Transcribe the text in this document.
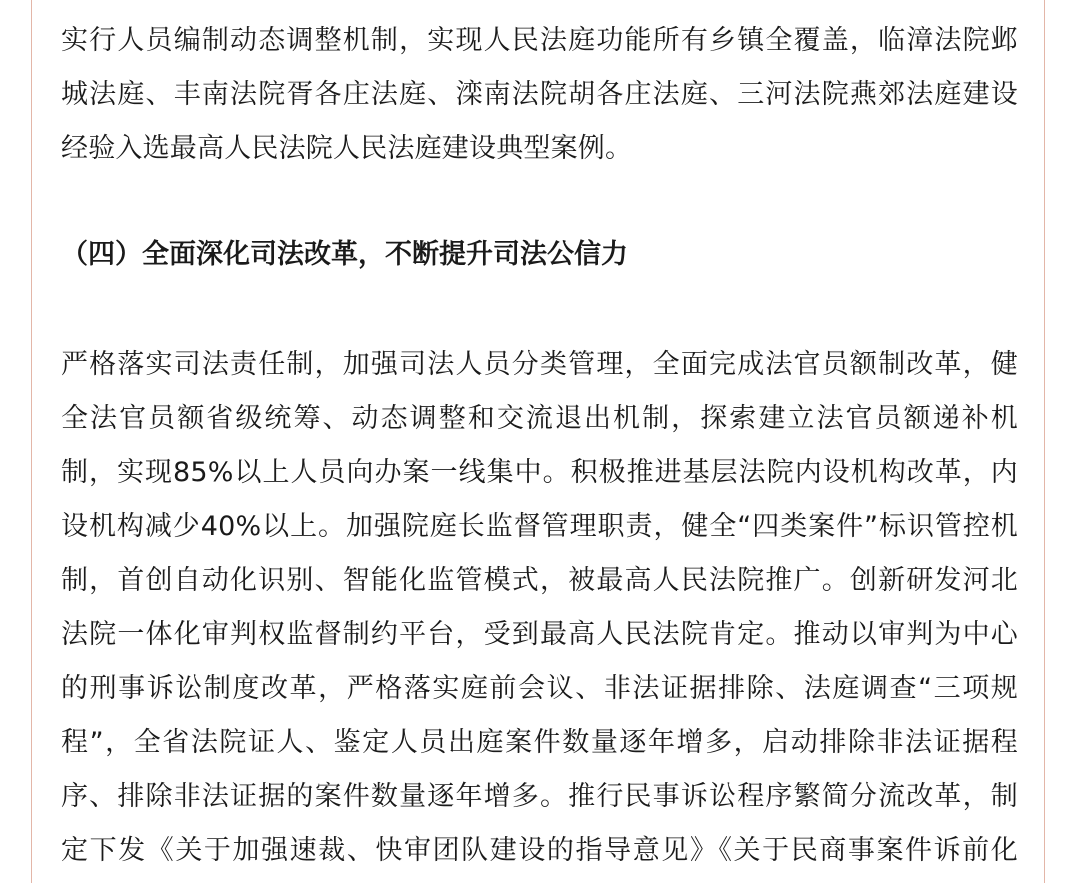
实行人员编制动态调整机制，实现人民法庭功能所有乡镇全覆盖，临漳法院邺
城法庭、丰南法院胥各庄法庭、滦南法院胡各庄法庭、三河法院燕郊法庭建设
经验入选最高人民法院人民法庭建设典型案例。
（四）全面深化司法改革，不断提升司法公信力
严格落实司法责任制，加强司法人员分类管理，全面完成法官员额制改革，健
全法官员额省级统筹、动态调整和交流退出机制，探索建立法官员额递补机
制，实现85%以上人员向办案一线集中。积极推进基层法院内设机构改革，内
设机构减少40%以上。加强院庭长监督管理职责，健全“四类案件”标识管控机
制，首创自动化识别、智能化监管模式，被最高人民法院推广。创新研发河北
法院一体化审判权监督制约平台，受到最高人民法院肯定。推动以审判为中心
的刑事诉讼制度改革，严格落实庭前会议、非法证据排除、法庭调查“三项规
程”，全省法院证人、鉴定人员出庭案件数量逐年增多，启动排除非法证据程
序、排除非法证据的案件数量逐年增多。推行民事诉讼程序繁简分流改革，制
定下发《关于加强速裁、快审团队建设的指导意见》《关于民商事案件诉前化
